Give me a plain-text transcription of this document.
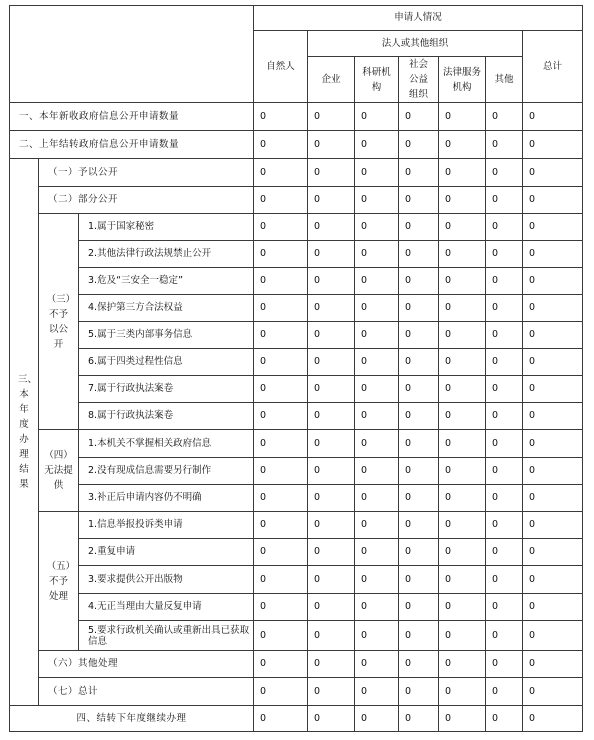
			申请人情况						
			自然人	法人或其他组织					总计
				企业	科研机构	社会公益组织	法律服务机构	其他	
一、本年新收政府信息公开申请数量			0	0	0	0	0	0	0
二、上年结转政府信息公开申请数量			0	0	0	0	0	0	0
三、本年度办理结果	（一）予以公开		0	0	0	0	0	0	0
	（二）部分公开		0	0	0	0	0	0	0
	（三）不予以公开	1.属于国家秘密	0	0	0	0	0	0	0
		2.其他法律行政法规禁止公开	0	0	0	0	0	0	0
		3.危及“三安全一稳定”	0	0	0	0	0	0	0
		4.保护第三方合法权益	0	0	0	0	0	0	0
		5.属于三类内部事务信息	0	0	0	0	0	0	0
		6.属于四类过程性信息	0	0	0	0	0	0	0
		7.属于行政执法案卷	0	0	0	0	0	0	0
		8.属于行政执法案卷	0	0	0	0	0	0	0
	（四）无法提供	1.本机关不掌握相关政府信息	0	0	0	0	0	0	0
		2.没有现成信息需要另行制作	0	0	0	0	0	0	0
		3.补正后申请内容仍不明确	0	0	0	0	0	0	0
	（五）不予处理	1.信息举报投诉类申请	0	0	0	0	0	0	0
		2.重复申请	0	0	0	0	0	0	0
		3.要求提供公开出版物	0	0	0	0	0	0	0
		4.无正当理由大量反复申请	0	0	0	0	0	0	0
		5.要求行政机关确认或重新出具已获取信息	0	0	0	0	0	0	0
	（六）其他处理		0	0	0	0	0	0	0
	（七）总计		0	0	0	0	0	0	0
四、结转下年度继续办理			0	0	0	0	0	0	0
